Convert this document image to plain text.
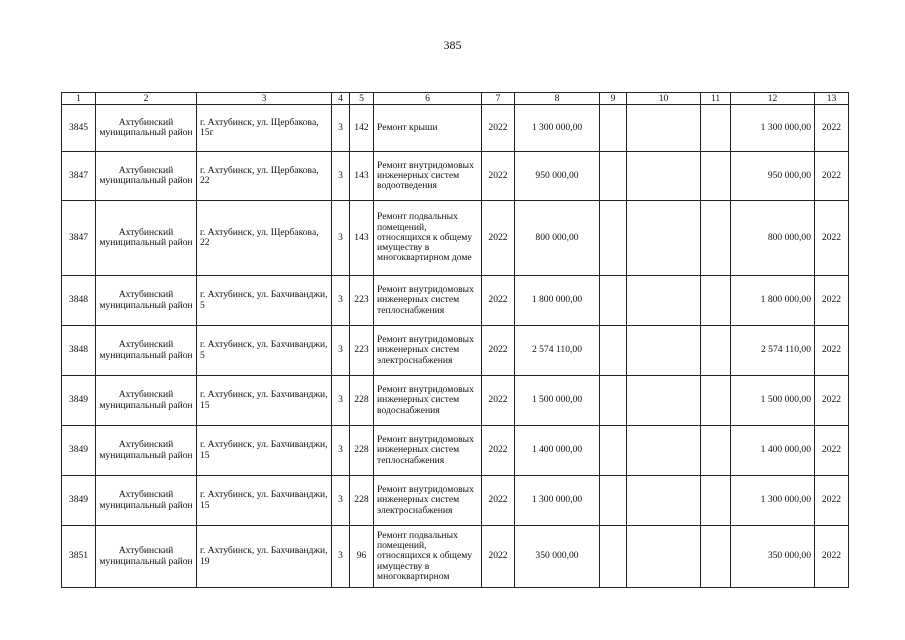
385
1	2	3	4	5	6	7	8	9	10	11	12	13
3845	Ахтубинский муниципальный район	г. Ахтубинск, ул. Щербакова, 15г	3	142	Ремонт крыши	2022	1 300 000,00				1 300 000,00	2022
3847	Ахтубинский муниципальный район	г. Ахтубинск, ул. Щербакова, 22	3	143	Ремонт внутридомовых инженерных систем водоотведения	2022	950 000,00				950 000,00	2022
3847	Ахтубинский муниципальный район	г. Ахтубинск, ул. Щербакова, 22	3	143	Ремонт подвальных помещений, относящихся к общему имуществу в многоквартирном доме	2022	800 000,00				800 000,00	2022
3848	Ахтубинский муниципальный район	г. Ахтубинск, ул. Бахчиванджи, 5	3	223	Ремонт внутридомовых инженерных систем теплоснабжения	2022	1 800 000,00				1 800 000,00	2022
3848	Ахтубинский муниципальный район	г. Ахтубинск, ул. Бахчиванджи, 5	3	223	Ремонт внутридомовых инженерных систем электроснабжения	2022	2 574 110,00				2 574 110,00	2022
3849	Ахтубинский муниципальный район	г. Ахтубинск, ул. Бахчиванджи, 15	3	228	Ремонт внутридомовых инженерных систем водоснабжения	2022	1 500 000,00				1 500 000,00	2022
3849	Ахтубинский муниципальный район	г. Ахтубинск, ул. Бахчиванджи, 15	3	228	Ремонт внутридомовых инженерных систем теплоснабжения	2022	1 400 000,00				1 400 000,00	2022
3849	Ахтубинский муниципальный район	г. Ахтубинск, ул. Бахчиванджи, 15	3	228	Ремонт внутридомовых инженерных систем электроснабжения	2022	1 300 000,00				1 300 000,00	2022
3851	Ахтубинский муниципальный район	г. Ахтубинск, ул. Бахчиванджи, 19	3	96	Ремонт подвальных помещений, относящихся к общему имуществу в многоквартирном	2022	350 000,00				350 000,00	2022
